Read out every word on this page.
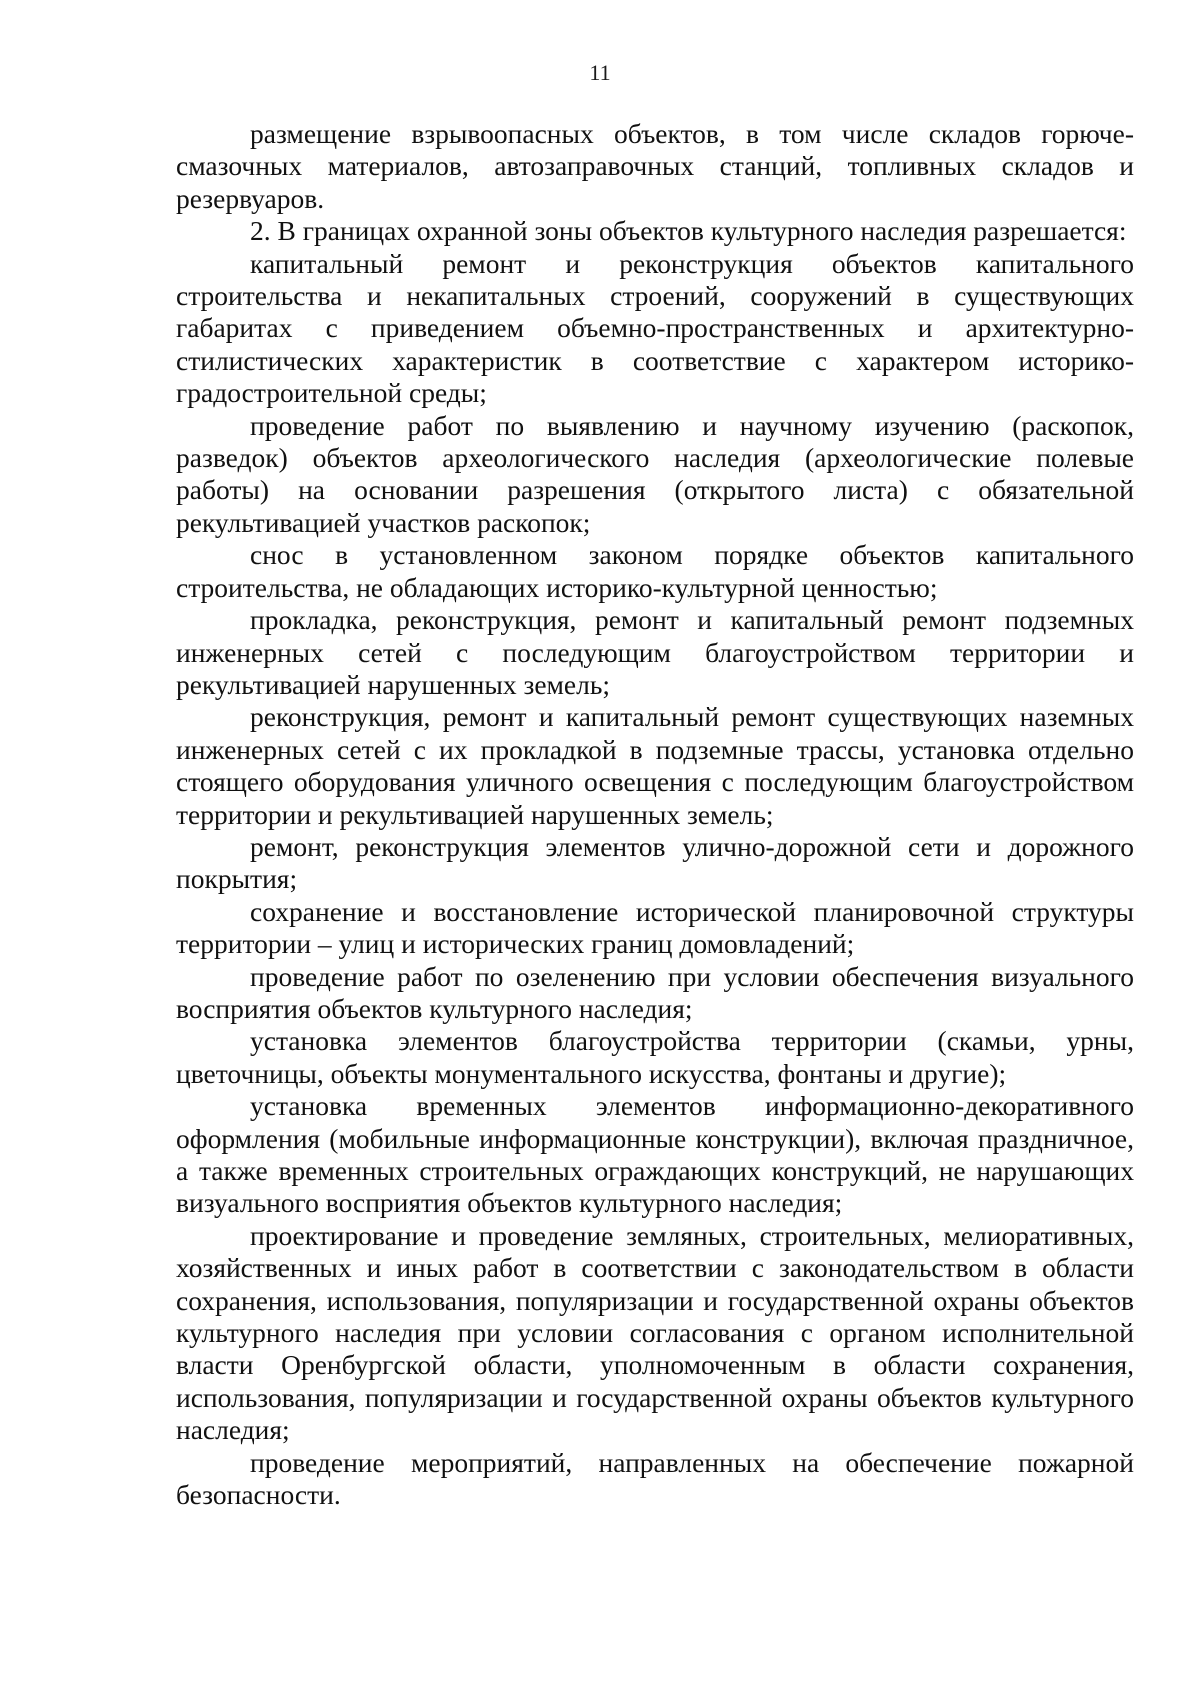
11

размещение взрывоопасных объектов, в том числе складов горюче-смазочных материалов, автозаправочных станций, топливных складов и резервуаров.

2. В границах охранной зоны объектов культурного наследия разрешается:

капитальный ремонт и реконструкция объектов капитального строительства и некапитальных строений, сооружений в существующих габаритах с приведением объемно-пространственных и архитектурно-стилистических характеристик в соответствие с характером историко-градостроительной среды;

проведение работ по выявлению и научному изучению (раскопок, разведок) объектов археологического наследия (археологические полевые работы) на основании разрешения (открытого листа) с обязательной рекультивацией участков раскопок;

снос в установленном законом порядке объектов капитального строительства, не обладающих историко-культурной ценностью;

прокладка, реконструкция, ремонт и капитальный ремонт подземных инженерных сетей с последующим благоустройством территории и рекультивацией нарушенных земель;

реконструкция, ремонт и капитальный ремонт существующих наземных инженерных сетей с их прокладкой в подземные трассы, установка отдельно стоящего оборудования уличного освещения с последующим благоустройством территории и рекультивацией нарушенных земель;

ремонт, реконструкция элементов улично-дорожной сети и дорожного покрытия;

сохранение и восстановление исторической планировочной структуры территории – улиц и исторических границ домовладений;

проведение работ по озеленению при условии обеспечения визуального восприятия объектов культурного наследия;

установка элементов благоустройства территории (скамьи, урны, цветочницы, объекты монументального искусства, фонтаны и другие);

установка временных элементов информационно-декоративного оформления (мобильные информационные конструкции), включая праздничное, а также временных строительных ограждающих конструкций, не нарушающих визуального восприятия объектов культурного наследия;

проектирование и проведение земляных, строительных, мелиоративных, хозяйственных и иных работ в соответствии с законодательством в области сохранения, использования, популяризации и государственной охраны объектов культурного наследия при условии согласования с органом исполнительной власти Оренбургской области, уполномоченным в области сохранения, использования, популяризации и государственной охраны объектов культурного наследия;

проведение мероприятий, направленных на обеспечение пожарной безопасности.
